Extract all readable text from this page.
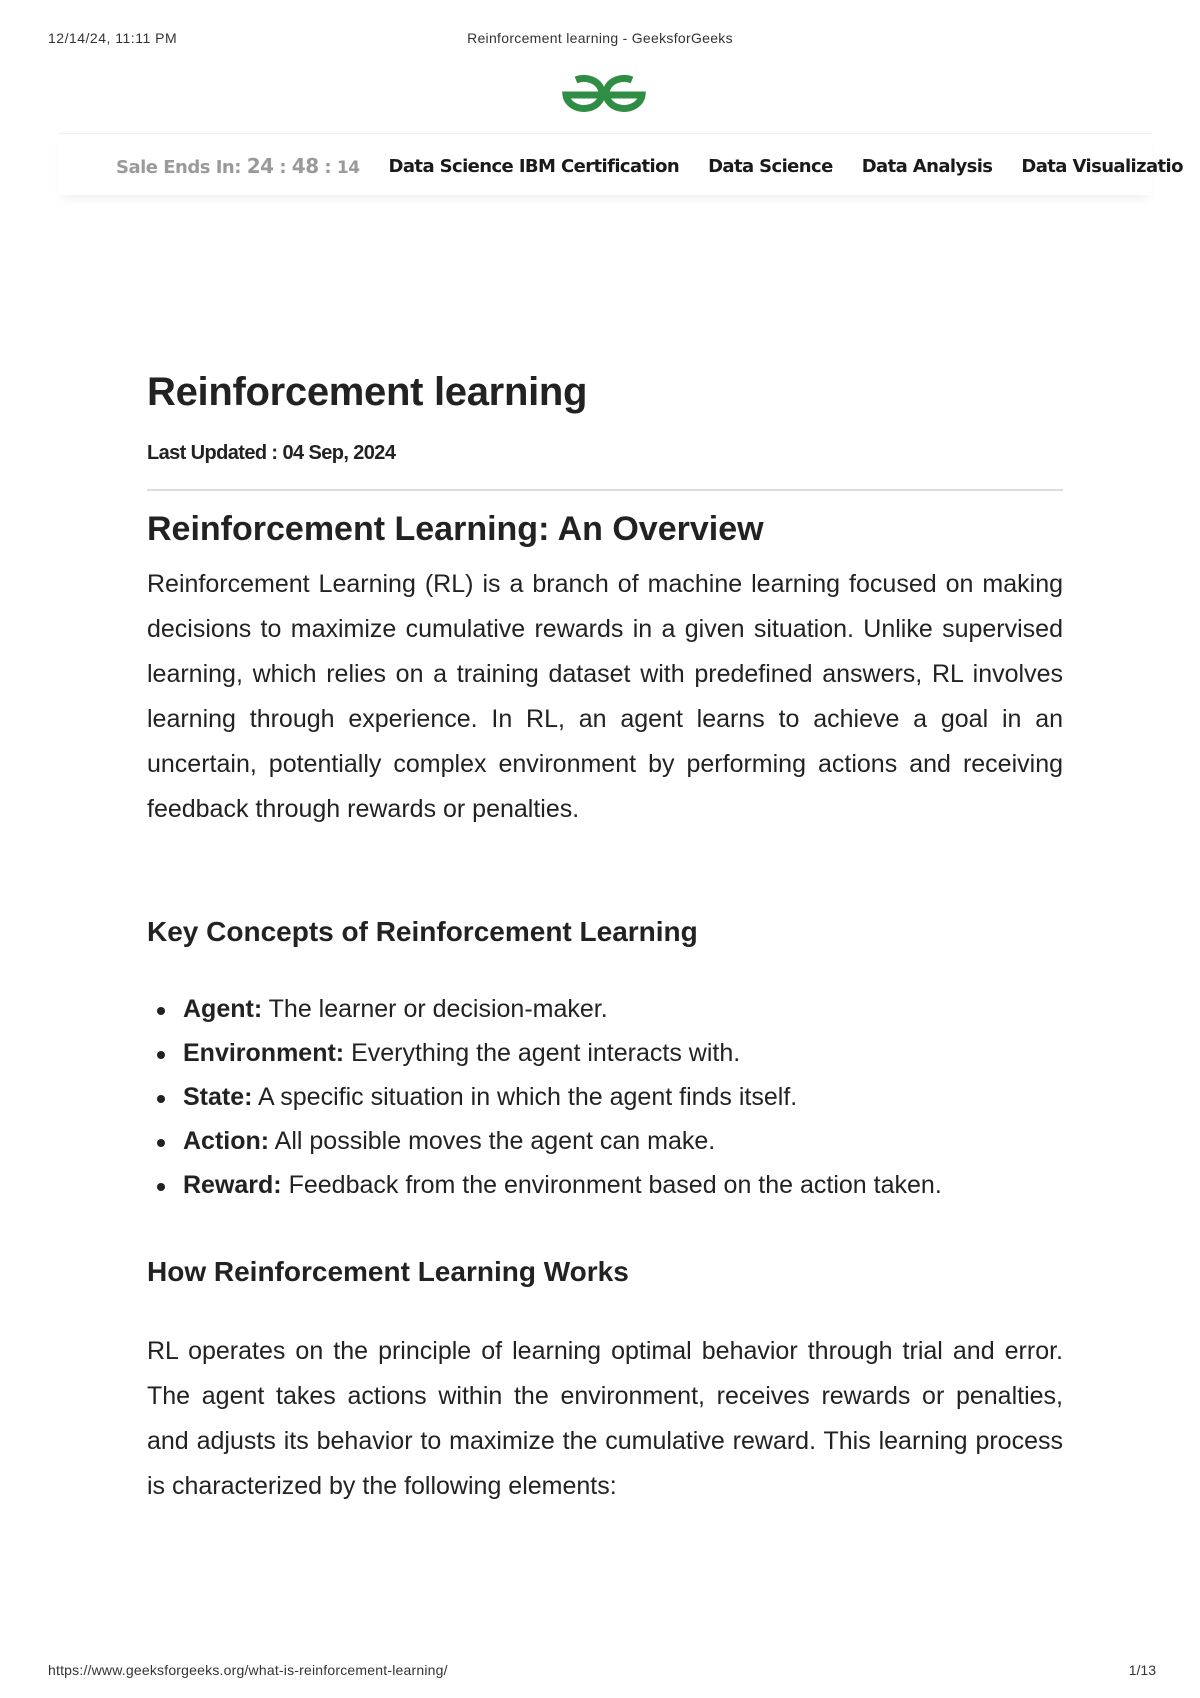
12/14/24, 11:11 PM	Reinforcement learning - GeeksforGeeks
Sale Ends In: 24 : 48 : 14 Data Science IBM Certification Data Science Data Analysis Data Visualizatio
Reinforcement learning
Last Updated : 04 Sep, 2024
Reinforcement Learning: An Overview

Reinforcement Learning (RL) is a branch of machine learning focused on making decisions to maximize cumulative rewards in a given situation. Unlike supervised learning, which relies on a training dataset with predefined answers, RL involves learning through experience. In RL, an agent learns to achieve a goal in an uncertain, potentially complex environment by performing actions and receiving feedback through rewards or penalties.

Key Concepts of Reinforcement Learning
Agent: The learner or decision-maker.
Environment: Everything the agent interacts with.
State: A specific situation in which the agent finds itself.
Action: All possible moves the agent can make.
Reward: Feedback from the environment based on the action taken.
How Reinforcement Learning Works

RL operates on the principle of learning optimal behavior through trial and error. The agent takes actions within the environment, receives rewards or penalties, and adjusts its behavior to maximize the cumulative reward. This learning process is characterized by the following elements:

https://www.geeksforgeeks.org/what-is-reinforcement-learning/	1/13
